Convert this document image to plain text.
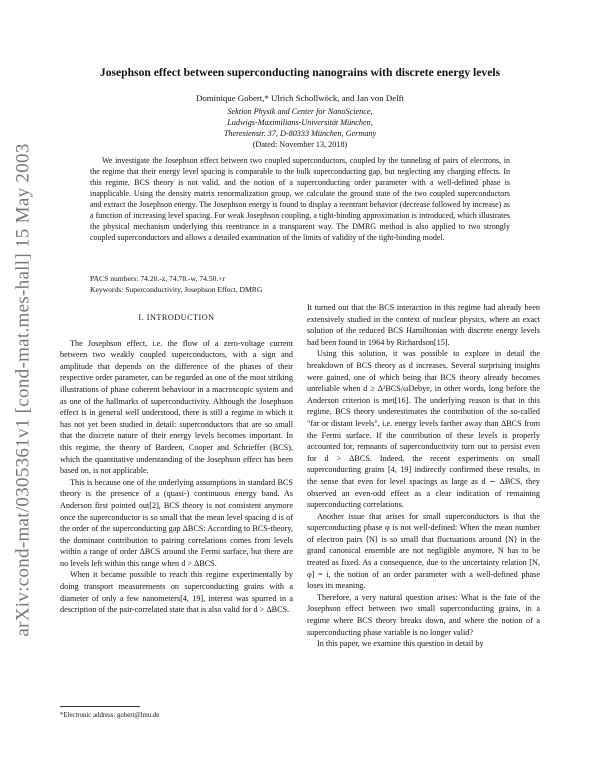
arXiv:cond-mat/0305361v1 [cond-mat.mes-hall] 15 May 2003
Josephson effect between superconducting nanograins with discrete energy levels
Dominique Gobert,* Ulrich Schollwöck, and Jan von Delft
Sektion Physik and Center for NanoScience,
Ludwigs-Maximilians-Universität München,
Theresienstr. 37, D-80333 München, Germany
(Dated: November 13, 2018)

We investigate the Josephson effect between two coupled superconductors, coupled by the tunneling of pairs of electrons, in the regime that their energy level spacing is comparable to the bulk superconducting gap, but neglecting any charging effects. In this regime, BCS theory is not valid, and the notion of a superconducting order parameter with a well-defined phase is inapplicable. Using the density matrix renormalization group, we calculate the ground state of the two coupled superconductors and extract the Josephson energy. The Josephson energy is found to display a reentrant behavior (decrease followed by increase) as a function of increasing level spacing. For weak Josephson coupling, a tight-binding approximation is introduced, which illustrates the physical mechanism underlying this reentrance in a transparent way. The DMRG method is also applied to two strongly coupled superconductors and allows a detailed examination of the limits of validity of the tight-binding model.

PACS numbers: 74.20.-z, 74.78.-w, 74.50.+r
Keywords: Superconductivity, Josephson Effect, DMRG
I. INTRODUCTION

The Josephson effect, i.e. the flow of a zero-voltage current between two weakly coupled superconductors, with a sign and amplitude that depends on the difference of the phases of their respective order parameter, can be regarded as one of the most striking illustrations of phase coherent behaviour in a macroscopic system and as one of the hallmarks of superconductivity. Although the Josephson effect is in general well understood, there is still a regime in which it has not yet been studied in detail: superconductors that are so small that the discrete nature of their energy levels becomes important. In this regime, the theory of Bardeen, Cooper and Schrieffer (BCS), which the quantitative understanding of the Josephson effect has been based on, is not applicable.

This is because one of the underlying assumptions in standard BCS theory is the presence of a (quasi-) continuous energy band. As Anderson first pointed out[2], BCS theory is not consistent anymore once the superconductor is so small that the mean level spacing d is of the order of the superconducting gap ΔBCS: According to BCS-theory, the dominant contribution to pairing correlations comes from levels within a range of order ΔBCS around the Fermi surface, but there are no levels left within this range when d > ΔBCS.

When it became possible to reach this regime experimentally by doing transport measurements on superconducting grains with a diameter of only a few nanometers[4, 19], interest was spurred in a description of the pair-correlated state that is also valid for d > ΔBCS.

It turned out that the BCS interaction in this regime had already been extensively studied in the context of nuclear physics, where an exact solution of the reduced BCS Hamiltonian with discrete energy levels had been found in 1964 by Richardson[15].

Using this solution, it was possible to explore in detail the breakdown of BCS theory as d increases. Several surprising insights were gained, one of which being that BCS theory already becomes unreliable when d ≥ Δ²BCS/ωDebye, in other words, long before the Anderson criterion is met[16]. The underlying reason is that in this regime, BCS theory underestimates the contribution of the so-called "far or distant levels", i.e. energy levels farther away than ΔBCS from the Fermi surface. If the contribution of these levels is properly accounted for, remnants of superconductivity turn out to persist even for d > ΔBCS. Indeed, the recent experiments on small superconducting grains [4, 19] indirectly confirmed these results, in the sense that even for level spacings as large as d ∼ ΔBCS, they observed an even-odd effect as a clear indication of remaining superconducting correlations.

Another issue that arises for small superconductors is that the superconducting phase φ is not well-defined: When the mean number of electron pairs ⟨N⟩ is so small that fluctuations around ⟨N⟩ in the grand canonical ensemble are not negligible anymore, N has to be treated as fixed. As a consequence, due to the uncertainty relation [N, φ] = i, the notion of an order parameter with a well-defined phase loses its meaning.

Therefore, a very natural question arises: What is the fate of the Josephson effect between two small superconducting grains, in a regime where BCS theory breaks down, and where the notion of a superconducting phase variable is no longer valid?

In this paper, we examine this question in detail by

*Electronic address: gobert@lmu.de
